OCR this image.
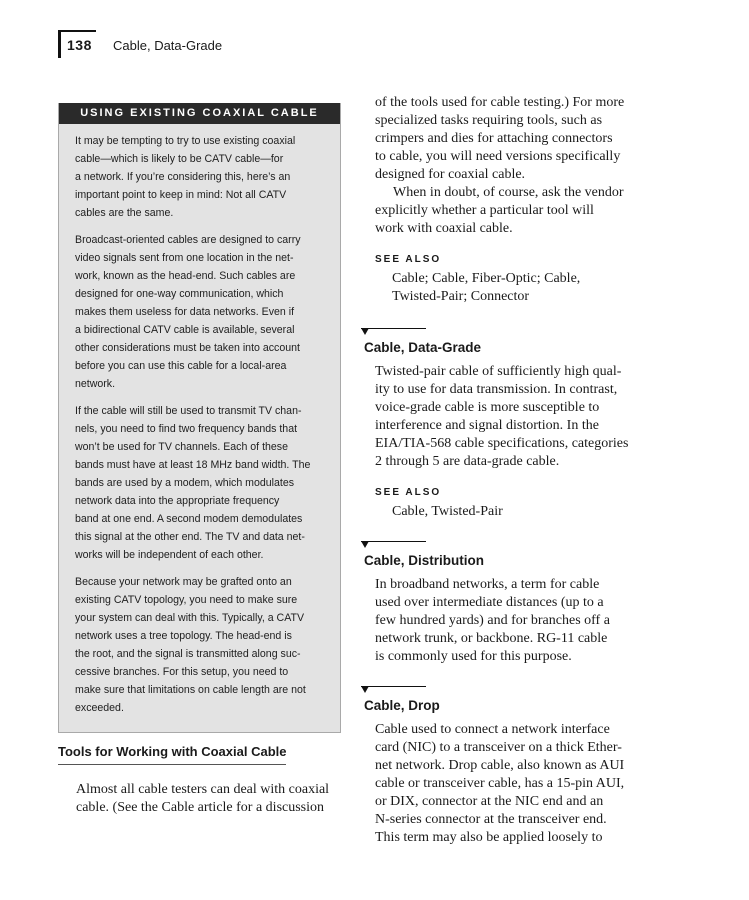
138 Cable, Data-Grade
USING EXISTING COAXIAL CABLE

It may be tempting to try to use existing coaxial
cable—which is likely to be CATV cable—for
a network. If you’re considering this, here’s an
important point to keep in mind: Not all CATV
cables are the same.

Broadcast-oriented cables are designed to carry
video signals sent from one location in the net-
work, known as the head-end. Such cables are
designed for one-way communication, which
makes them useless for data networks. Even if
a bidirectional CATV cable is available, several
other considerations must be taken into account
before you can use this cable for a local-area
network.

If the cable will still be used to transmit TV chan-
nels, you need to find two frequency bands that
won’t be used for TV channels. Each of these
bands must have at least 18 MHz band width. The
bands are used by a modem, which modulates
network data into the appropriate frequency
band at one end. A second modem demodulates
this signal at the other end. The TV and data net-
works will be independent of each other.

Because your network may be grafted onto an
existing CATV topology, you need to make sure
your system can deal with this. Typically, a CATV
network uses a tree topology. The head-end is
the root, and the signal is transmitted along suc-
cessive branches. For this setup, you need to
make sure that limitations on cable length are not
exceeded.

Tools for Working with Coaxial Cable
Almost all cable testers can deal with coaxial
cable. (See the Cable article for a discussion
of the tools used for cable testing.) For more
specialized tasks requiring tools, such as
crimpers and dies for attaching connectors
to cable, you will need versions specifically
designed for coaxial cable.
When in doubt, of course, ask the vendor
explicitly whether a particular tool will
work with coaxial cable.
SEE ALSO
Cable; Cable, Fiber-Optic; Cable,
Twisted-Pair; Connector
Cable, Data-Grade
Twisted-pair cable of sufficiently high qual-
ity to use for data transmission. In contrast,
voice-grade cable is more susceptible to
interference and signal distortion. In the
EIA/TIA-568 cable specifications, categories
2 through 5 are data-grade cable.
SEE ALSO
Cable, Twisted-Pair
Cable, Distribution
In broadband networks, a term for cable
used over intermediate distances (up to a
few hundred yards) and for branches off a
network trunk, or backbone. RG-11 cable
is commonly used for this purpose.
Cable, Drop
Cable used to connect a network interface
card (NIC) to a transceiver on a thick Ether-
net network. Drop cable, also known as AUI
cable or transceiver cable, has a 15-pin AUI,
or DIX, connector at the NIC end and an
N-series connector at the transceiver end.
This term may also be applied loosely to
